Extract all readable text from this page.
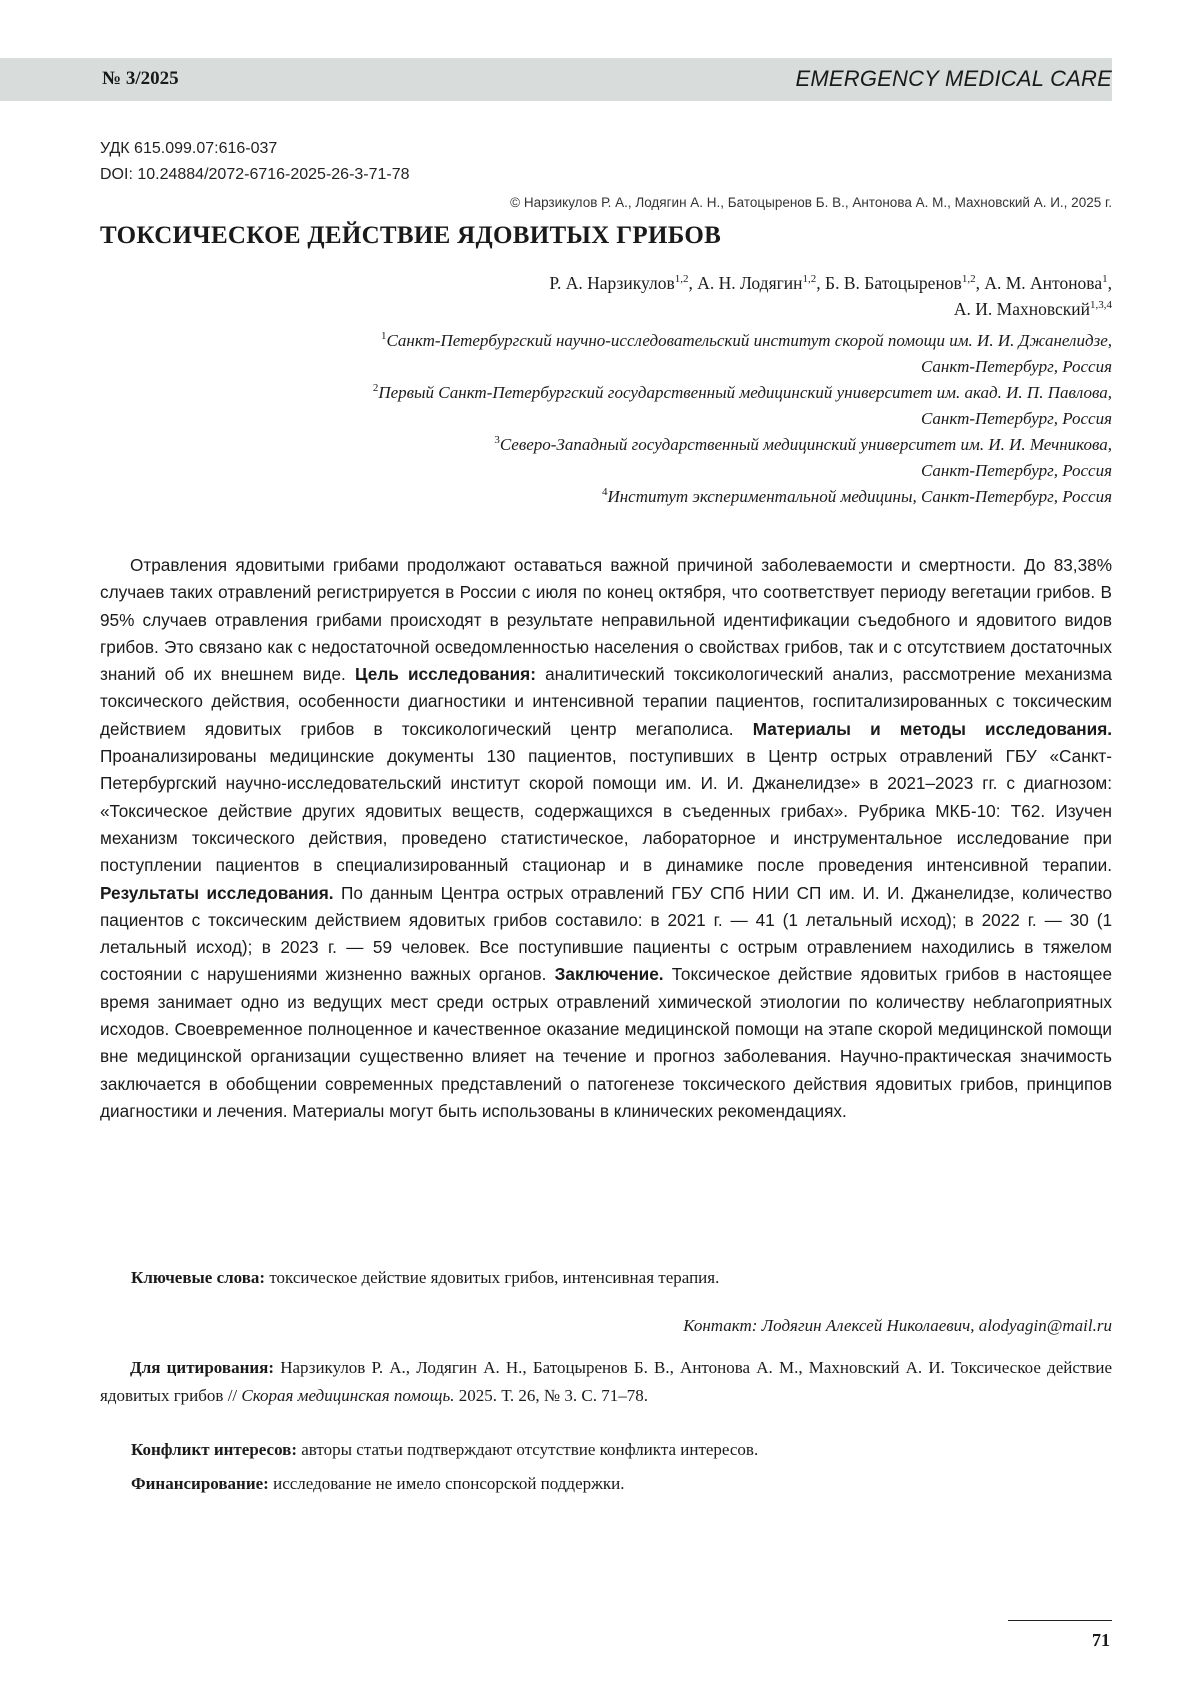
№ 3/2025	EMERGENCY MEDICAL CARE
УДК 615.099.07:616-037
DOI: 10.24884/2072-6716-2025-26-3-71-78
© Нарзикулов Р. А., Лодягин А. Н., Батоцыренов Б. В., Антонова А. М., Махновский А. И., 2025 г.
ТОКСИЧЕСКОЕ ДЕЙСТВИЕ ЯДОВИТЫХ ГРИБОВ
Р. А. Нарзикулов$^{1,2}$, А. Н. Лодягин$^{1,2}$, Б. В. Батоцыренов$^{1,2}$, А. М. Антонова$^1$,
А. И. Махновский$^{1,3,4}$

$^1$Санкт-Петербургский научно-исследовательский институт скорой помощи им. И. И. Джанелидзе,
Санкт-Петербург, Россия

$^2$Первый Санкт-Петербургский государственный медицинский университет им. акад. И. П. Павлова,
Санкт-Петербург, Россия

$^3$Северо-Западный государственный медицинский университет им. И. И. Мечникова,
Санкт-Петербург, Россия

$^4$Институт экспериментальной медицины, Санкт-Петербург, Россия

Отравления ядовитыми грибами продолжают оставаться важной причиной заболеваемости и смертности. До 83,38% случаев таких отравлений регистрируется в России с июля по конец октября, что соответствует периоду вегетации грибов. В 95% случаев отравления грибами происходят в результате неправильной идентификации съедобного и ядовитого видов грибов. Это связано как с недостаточной осведомленностью населения о свойствах грибов, так и с отсутствием достаточных знаний об их внешнем виде. Цель исследования: аналитический токсикологический анализ, рассмотрение механизма токсического действия, особенности диагностики и интенсивной терапии пациентов, госпитализированных с токсическим действием ядовитых грибов в токсикологический центр мегаполиса. Материалы и методы исследования. Проанализированы медицинские документы 130 пациентов, поступивших в Центр острых отравлений ГБУ «Санкт-Петербургский научно-исследовательский институт скорой помощи им. И. И. Джанелидзе» в 2021–2023 гг. с диагнозом: «Токсическое действие других ядовитых веществ, содержащихся в съеденных грибах». Рубрика МКБ-10: Т62. Изучен механизм токсического действия, проведено статистическое, лабораторное и инструментальное исследование при поступлении пациентов в специализированный стационар и в динамике после проведения интенсивной терапии. Результаты исследования. По данным Центра острых отравлений ГБУ СПб НИИ СП им. И. И. Джанелидзе, количество пациентов с токсическим действием ядовитых грибов составило: в 2021 г. — 41 (1 летальный исход); в 2022 г. — 30 (1 летальный исход); в 2023 г. — 59 человек. Все поступившие пациенты с острым отравлением находились в тяжелом состоянии с нарушениями жизненно важных органов. Заключение. Токсическое действие ядовитых грибов в настоящее время занимает одно из ведущих мест среди острых отравлений химической этиологии по количеству неблагоприятных исходов. Своевременное полноценное и качественное оказание медицинской помощи на этапе скорой медицинской помощи вне медицинской организации существенно влияет на течение и прогноз заболевания. Научно-практическая значимость заключается в обобщении современных представлений о патогенезе токсического действия ядовитых грибов, принципов диагностики и лечения. Материалы могут быть использованы в клинических рекомендациях.

Ключевые слова: токсическое действие ядовитых грибов, интенсивная терапия.
Контакт: Лодягин Алексей Николаевич, alodyagin@mail.ru

Для цитирования: Нарзикулов Р. А., Лодягин А. Н., Батоцыренов Б. В., Антонова А. М., Махновский А. И. Токсическое действие ядовитых грибов // Скорая медицинская помощь. 2025. Т. 26, № 3. С. 71–78.

Конфликт интересов: авторы статьи подтверждают отсутствие конфликта интересов.
Финансирование: исследование не имело спонсорской поддержки.
71
